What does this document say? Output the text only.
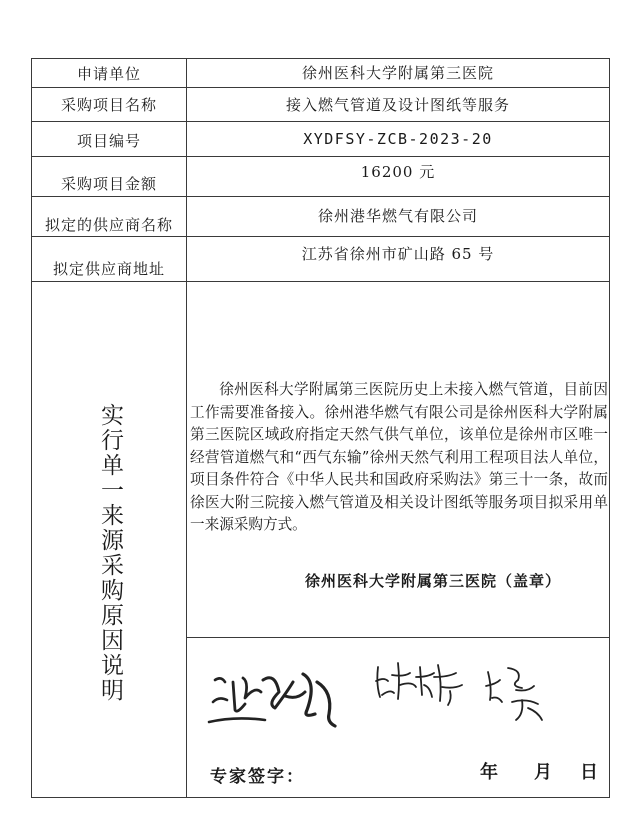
申请单位
采购项目名称
项目编号
采购项目金额
拟定的供应商名称
拟定供应商地址
徐州医科大学附属第三医院
接入燃气管道及设计图纸等服务
XYDFSY-ZCB-2023-20
16200 元
徐州港华燃气有限公司
江苏省徐州市矿山路 65 号
实行单一来源采购原因说明
徐州医科大学附属第三医院历史上未接入燃气管道，目前因工作需要准备接入。徐州港华燃气有限公司是徐州医科大学附属第三医院区域政府指定天然气供气单位，该单位是徐州市区唯一经营管道燃气和“西气东输”徐州天然气利用工程项目法人单位，项目条件符合《中华人民共和国政府采购法》第三十一条，故而徐医大附三院接入燃气管道及相关设计图纸等服务项目拟采用单一来源采购方式。
徐州医科大学附属第三医院（盖章）
专家签字：	年 月 日
